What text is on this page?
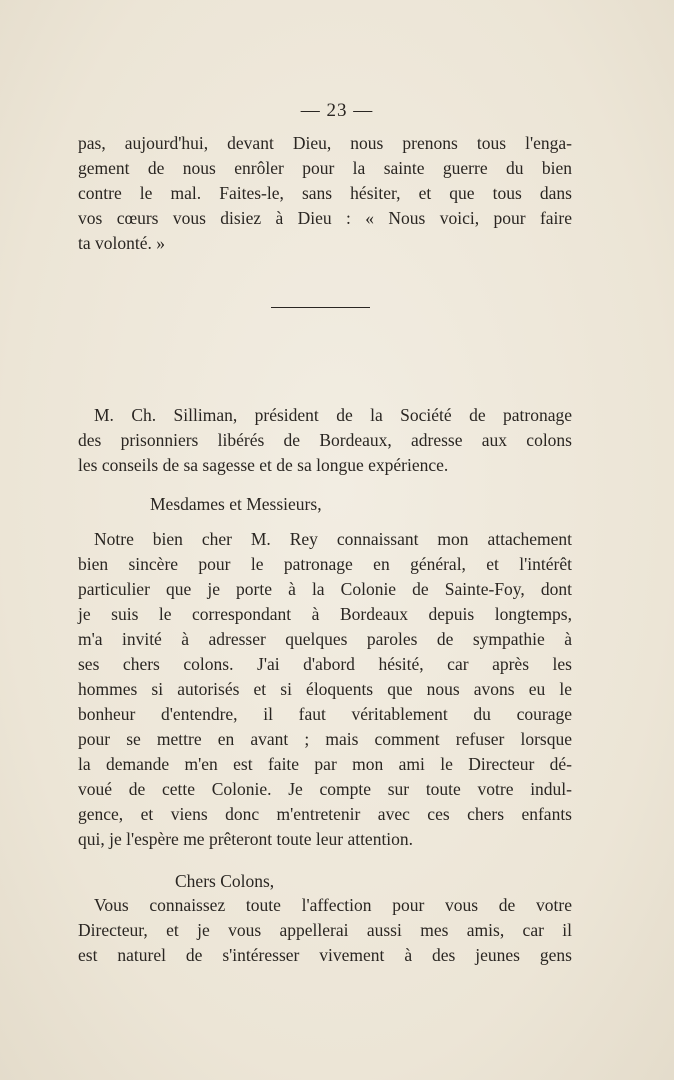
— 23 —
pas, aujourd'hui, devant Dieu, nous prenons tous l'enga-
gement de nous enrôler pour la sainte guerre du bien
contre le mal. Faites-le, sans hésiter, et que tous dans
vos cœurs vous disiez à Dieu : « Nous voici, pour faire
ta volonté. »
M. Ch. Silliman, président de la Société de patronage
des prisonniers libérés de Bordeaux, adresse aux colons
les conseils de sa sagesse et de sa longue expérience.
Mesdames et Messieurs,
Notre bien cher M. Rey connaissant mon attachement
bien sincère pour le patronage en général, et l'intérêt
particulier que je porte à la Colonie de Sainte-Foy, dont
je suis le correspondant à Bordeaux depuis longtemps,
m'a invité à adresser quelques paroles de sympathie à
ses chers colons. J'ai d'abord hésité, car après les
hommes si autorisés et si éloquents que nous avons eu le
bonheur d'entendre, il faut véritablement du courage
pour se mettre en avant ; mais comment refuser lorsque
la demande m'en est faite par mon ami le Directeur dé-
voué de cette Colonie. Je compte sur toute votre indul-
gence, et viens donc m'entretenir avec ces chers enfants
qui, je l'espère me prêteront toute leur attention.
Chers Colons,
Vous connaissez toute l'affection pour vous de votre
Directeur, et je vous appellerai aussi mes amis, car il
est naturel de s'intéresser vivement à des jeunes gens
